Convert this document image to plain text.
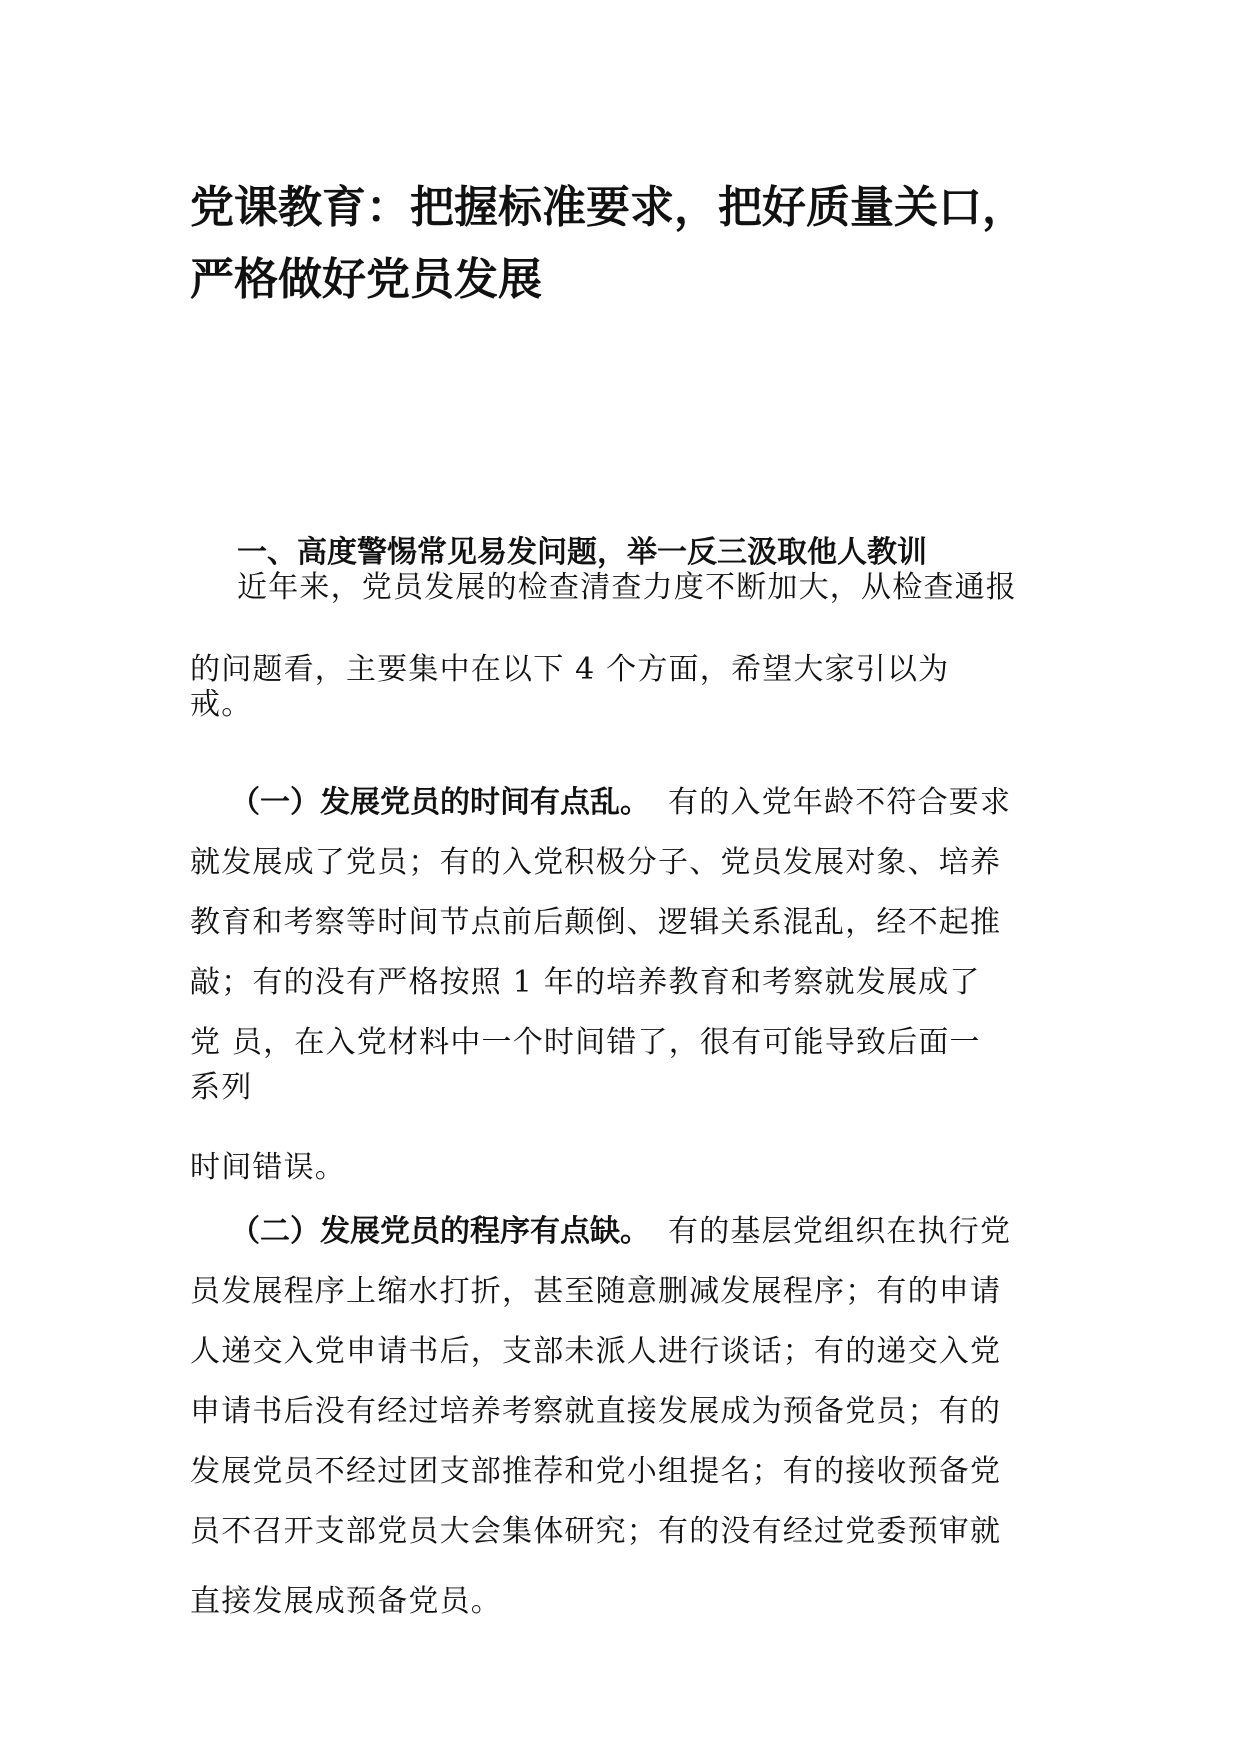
党课教育：把握标准要求，把好质量关口，
严格做好党员发展
一、高度警惕常见易发问题，举一反三汲取他人教训

近年来，党员发展的检查清查力度不断加大，从检查通报

的问题看，主要集中在以下 4 个方面，希望大家引以为

戒。

（一）发展党员的时间有点乱。 有的入党年龄不符合要求

就发展成了党员；有的入党积极分子、党员发展对象、培养

教育和考察等时间节点前后颠倒、逻辑关系混乱，经不起推

敲；有的没有严格按照 1 年的培养教育和考察就发展成了

党 员，在入党材料中一个时间错了，很有可能导致后面一

系列

时间错误。

（二）发展党员的程序有点缺。 有的基层党组织在执行党

员发展程序上缩水打折，甚至随意删减发展程序；有的申请

人递交入党申请书后，支部未派人进行谈话；有的递交入党

申请书后没有经过培养考察就直接发展成为预备党员；有的

发展党员不经过团支部推荐和党小组提名；有的接收预备党

员不召开支部党员大会集体研究；有的没有经过党委预审就

直接发展成预备党员。
